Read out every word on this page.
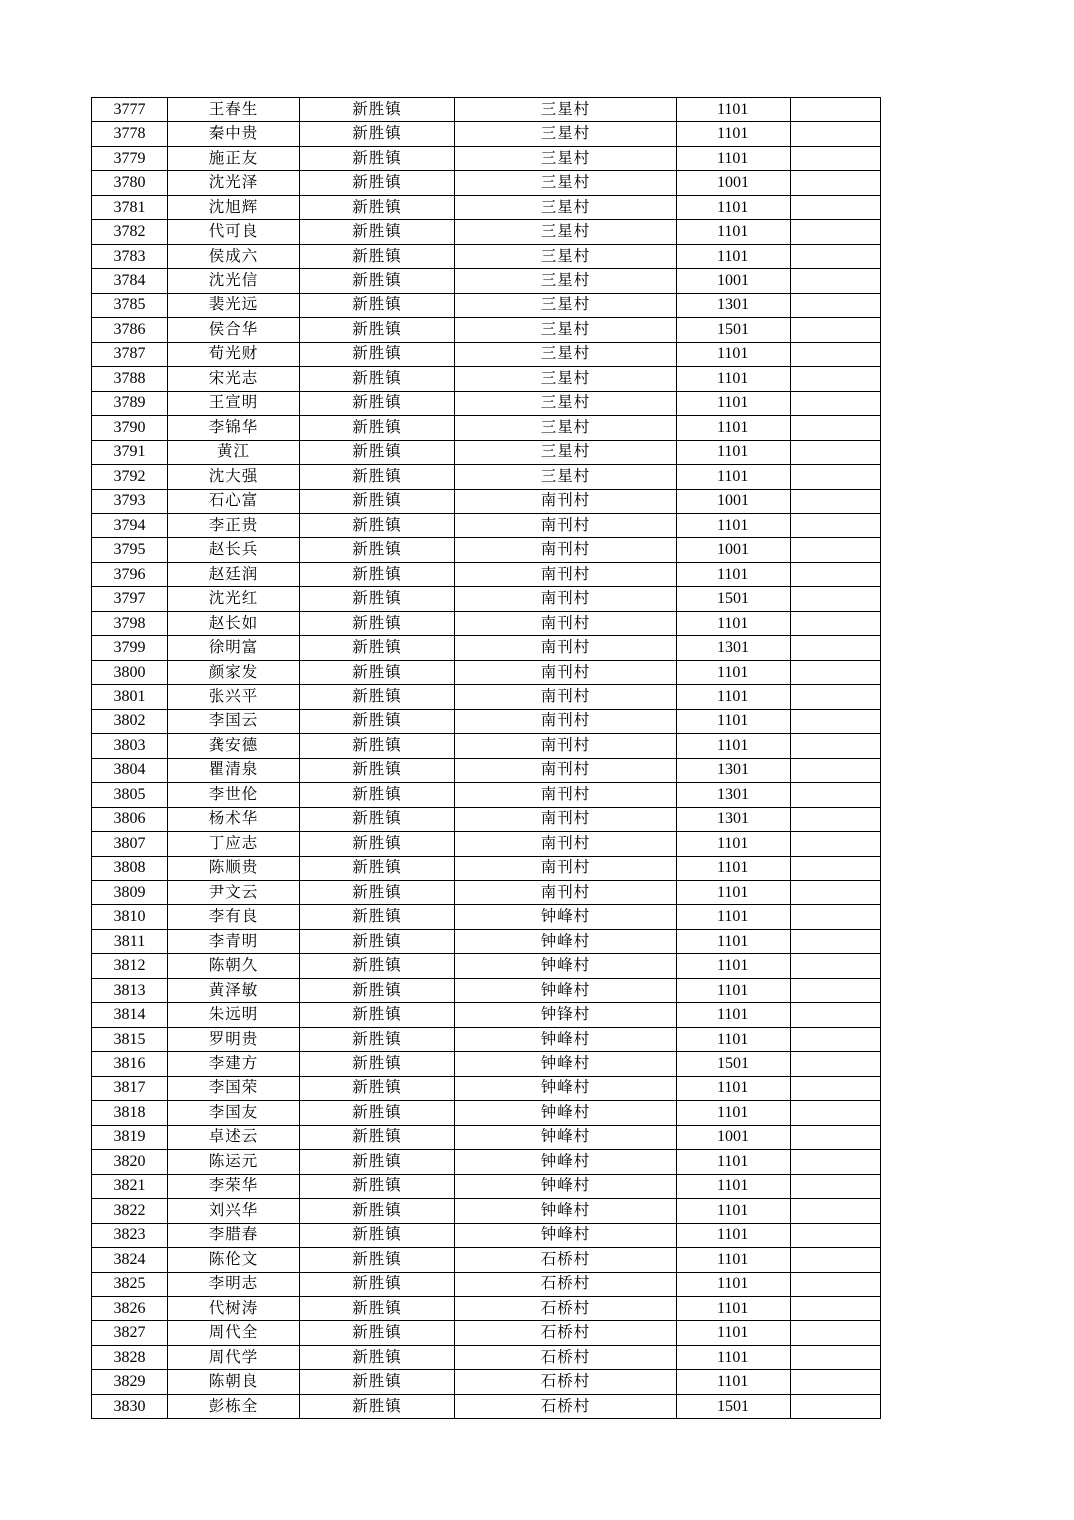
3777	王春生	新胜镇	三星村	1101	
3778	秦中贵	新胜镇	三星村	1101	
3779	施正友	新胜镇	三星村	1101	
3780	沈光泽	新胜镇	三星村	1001	
3781	沈旭辉	新胜镇	三星村	1101	
3782	代可良	新胜镇	三星村	1101	
3783	侯成六	新胜镇	三星村	1101	
3784	沈光信	新胜镇	三星村	1001	
3785	裴光远	新胜镇	三星村	1301	
3786	侯合华	新胜镇	三星村	1501	
3787	荀光财	新胜镇	三星村	1101	
3788	宋光志	新胜镇	三星村	1101	
3789	王宣明	新胜镇	三星村	1101	
3790	李锦华	新胜镇	三星村	1101	
3791	黄江	新胜镇	三星村	1101	
3792	沈大强	新胜镇	三星村	1101	
3793	石心富	新胜镇	南刊村	1001	
3794	李正贵	新胜镇	南刊村	1101	
3795	赵长兵	新胜镇	南刊村	1001	
3796	赵廷润	新胜镇	南刊村	1101	
3797	沈光红	新胜镇	南刊村	1501	
3798	赵长如	新胜镇	南刊村	1101	
3799	徐明富	新胜镇	南刊村	1301	
3800	颜家发	新胜镇	南刊村	1101	
3801	张兴平	新胜镇	南刊村	1101	
3802	李国云	新胜镇	南刊村	1101	
3803	龚安德	新胜镇	南刊村	1101	
3804	瞿清泉	新胜镇	南刊村	1301	
3805	李世伦	新胜镇	南刊村	1301	
3806	杨术华	新胜镇	南刊村	1301	
3807	丁应志	新胜镇	南刊村	1101	
3808	陈顺贵	新胜镇	南刊村	1101	
3809	尹文云	新胜镇	南刊村	1101	
3810	李有良	新胜镇	钟峰村	1101	
3811	李青明	新胜镇	钟峰村	1101	
3812	陈朝久	新胜镇	钟峰村	1101	
3813	黄泽敏	新胜镇	钟峰村	1101	
3814	朱远明	新胜镇	钟锋村	1101	
3815	罗明贵	新胜镇	钟峰村	1101	
3816	李建方	新胜镇	钟峰村	1501	
3817	李国荣	新胜镇	钟峰村	1101	
3818	李国友	新胜镇	钟峰村	1101	
3819	卓述云	新胜镇	钟峰村	1001	
3820	陈运元	新胜镇	钟峰村	1101	
3821	李荣华	新胜镇	钟峰村	1101	
3822	刘兴华	新胜镇	钟峰村	1101	
3823	李腊春	新胜镇	钟峰村	1101	
3824	陈伦文	新胜镇	石桥村	1101	
3825	李明志	新胜镇	石桥村	1101	
3826	代树涛	新胜镇	石桥村	1101	
3827	周代全	新胜镇	石桥村	1101	
3828	周代学	新胜镇	石桥村	1101	
3829	陈朝良	新胜镇	石桥村	1101	
3830	彭栋全	新胜镇	石桥村	1501	
